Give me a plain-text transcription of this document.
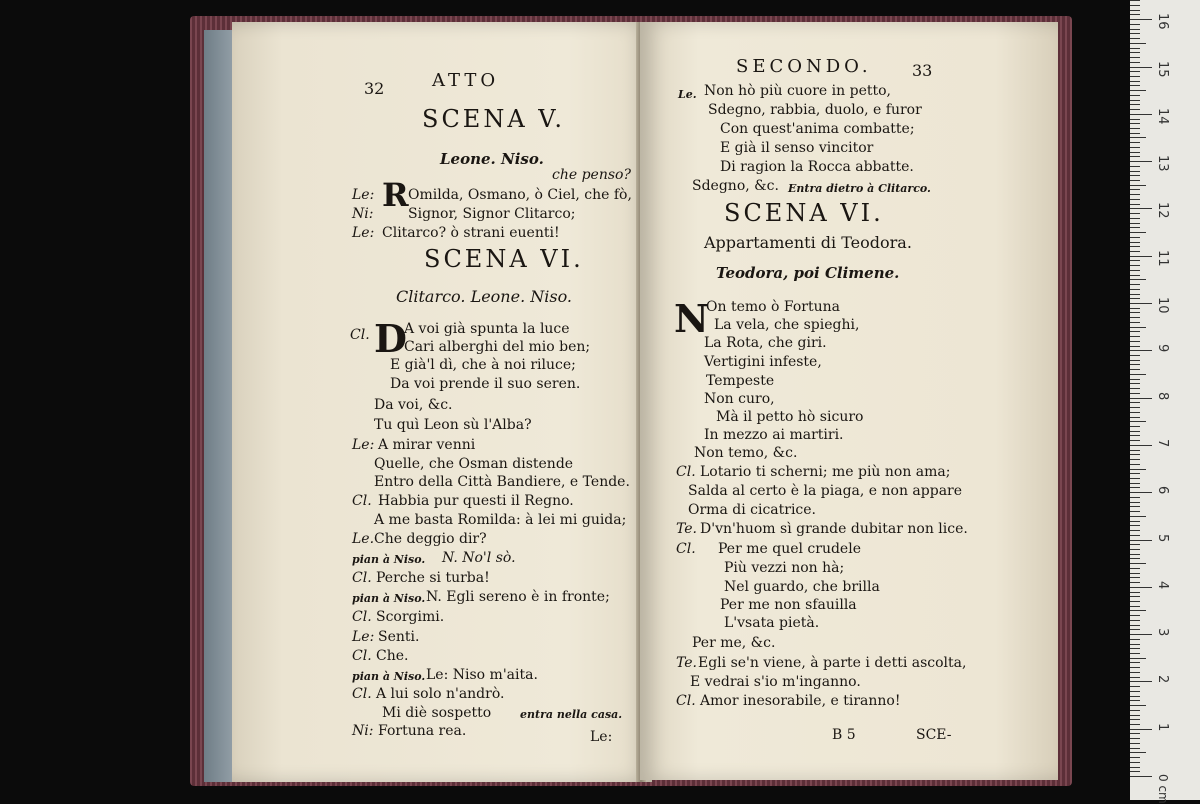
32	ATTO
SCENA V.
Leone. Niso.
che penso?
Le: R Omilda, Osmano, ò Ciel, che fò,
Ni: Signor, Signor Clitarco;
Le: Clitarco? ò strani euenti!
SCENA VI.
Clitarco. Leone. Niso.
Cl. D
A voi già spunta la luce
Cari alberghi del mio ben;
E già'l dì, che à noi riluce;
Da voi prende il suo seren.
Da voi, &c.
Tu quì Leon sù l'Alba?
Le: A mirar venni
Quelle, che Osman distende
Entro della Città Bandiere, e Tende.
Cl. Habbia pur questi il Regno.
A me basta Romilda: à lei mi guida;
Le. Che deggio dir?
pian à Niso. N. No'l sò.
Cl. Perche si turba!
pian à Niso. N. Egli sereno è in fronte;
Cl. Scorgimi.
Le: Senti.
Cl. Che.
pian à Niso. Le: Niso m'aita.
Cl. A lui solo n'andrò.
Mi diè sospetto	entra nella casa.
Ni: Fortuna rea.	Le:
SECONDO.	33
Le. Non hò più cuore in petto,
Sdegno, rabbia, duolo, e furor
Con quest'anima combatte;
E già il senso vincitor
Di ragion la Rocca abbatte.
Sdegno, &c. Entra dietro à Clitarco.
SCENA VI.
Appartamenti di Teodora.
Teodora, poi Climene.
N
On temo ò Fortuna
La vela, che spieghi,
La Rota, che giri.
Vertigini infeste,
Tempeste
Non curo,
Mà il petto hò sicuro
In mezzo ai martiri.
Non temo, &c.
Cl. Lotario ti scherni; me più non ama;
Salda al certo è la piaga, e non appare
Orma di cicatrice.
Te. D'vn'huom sì grande dubitar non lice.
Cl. Per me quel crudele
Più vezzi non hà;
Nel guardo, che brilla
Per me non sfauilla
L'vsata pietà.
Per me, &c.
Te. Egli se'n viene, à parte i detti ascolta,
E vedrai s'io m'inganno.
Cl. Amor inesorabile, e tiranno!
B 5	SCE-
0 cm
1
2
3
4
5
6
7
8
9
10
11
12
13
14
15
16
